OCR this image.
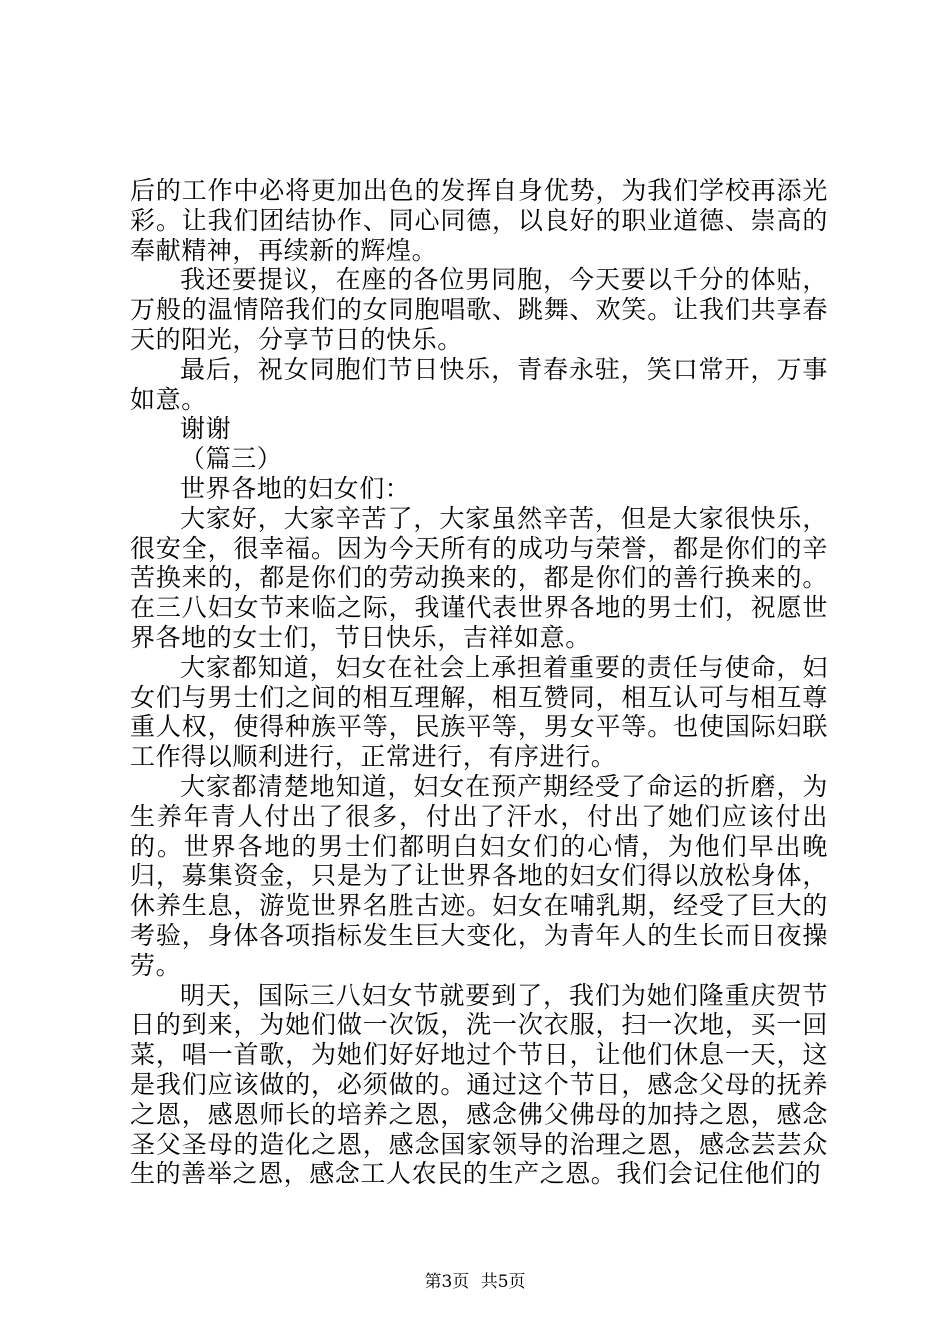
后的工作中必将更加出色的发挥自身优势，为我们学校再添光彩。让我们团结协作、同心同德，以良好的职业道德、崇高的奉献精神，再续新的辉煌。

我还要提议，在座的各位男同胞，今天要以千分的体贴，万般的温情陪我们的女同胞唱歌、跳舞、欢笑。让我们共享春天的阳光，分享节日的快乐。

最后，祝女同胞们节日快乐，青春永驻，笑口常开，万事如意。

谢谢

（篇三）

世界各地的妇女们：

大家好，大家辛苦了，大家虽然辛苦，但是大家很快乐，很安全，很幸福。因为今天所有的成功与荣誉，都是你们的辛苦换来的，都是你们的劳动换来的，都是你们的善行换来的。在三八妇女节来临之际，我谨代表世界各地的男士们，祝愿世界各地的女士们，节日快乐，吉祥如意。

大家都知道，妇女在社会上承担着重要的责任与使命，妇女们与男士们之间的相互理解，相互赞同，相互认可与相互尊重人权，使得种族平等，民族平等，男女平等。也使国际妇联工作得以顺利进行，正常进行，有序进行。

大家都清楚地知道，妇女在预产期经受了命运的折磨，为生养年青人付出了很多，付出了汗水，付出了她们应该付出的。世界各地的男士们都明白妇女们的心情，为他们早出晚归，募集资金，只是为了让世界各地的妇女们得以放松身体，休养生息，游览世界名胜古迹。妇女在哺乳期，经受了巨大的考验，身体各项指标发生巨大变化，为青年人的生长而日夜操劳。

明天，国际三八妇女节就要到了，我们为她们隆重庆贺节日的到来，为她们做一次饭，洗一次衣服，扫一次地，买一回菜，唱一首歌，为她们好好地过个节日，让他们休息一天，这是我们应该做的，必须做的。通过这个节日，感念父母的抚养之恩，感恩师长的培养之恩，感念佛父佛母的加持之恩，感念圣父圣母的造化之恩，感念国家领导的治理之恩，感念芸芸众生的善举之恩，感念工人农民的生产之恩。我们会记住他们的

第3页 共5页
